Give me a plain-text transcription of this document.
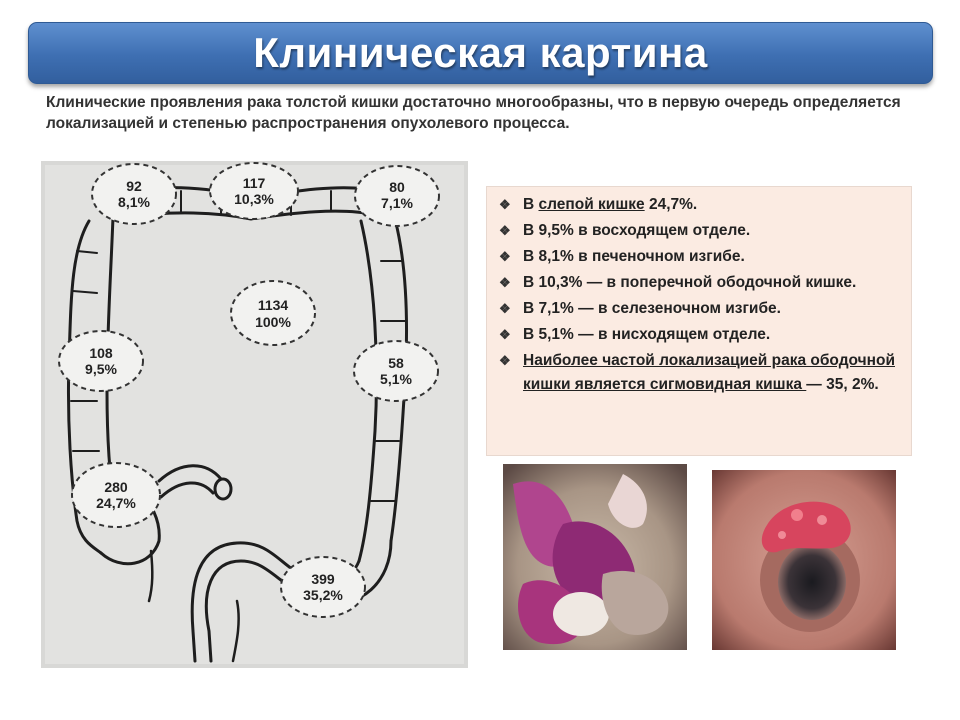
Клиническая картина
Клинические проявления рака толстой кишки достаточно многообразны, что в первую очередь определяется локализацией и степенью распространения опухолевого процесса.
92
8,1%
117
10,3%
80
7,1%
1134
100%
108
9,5%	58
5,1%
280
24,7%
399
35,2%
❖ В слепой кишке 24,7%.
❖ В 9,5% в восходящем отделе.
❖ В 8,1% в печеночном изгибе.
❖ В 10,3% — в поперечной ободочной кишке.
❖ В 7,1% — в селезеночном изгибе.
❖ В 5,1% — в нисходящем отделе.
❖ Наиболее частой локализацией рака ободочной кишки является сигмовидная кишка — 35, 2%.
